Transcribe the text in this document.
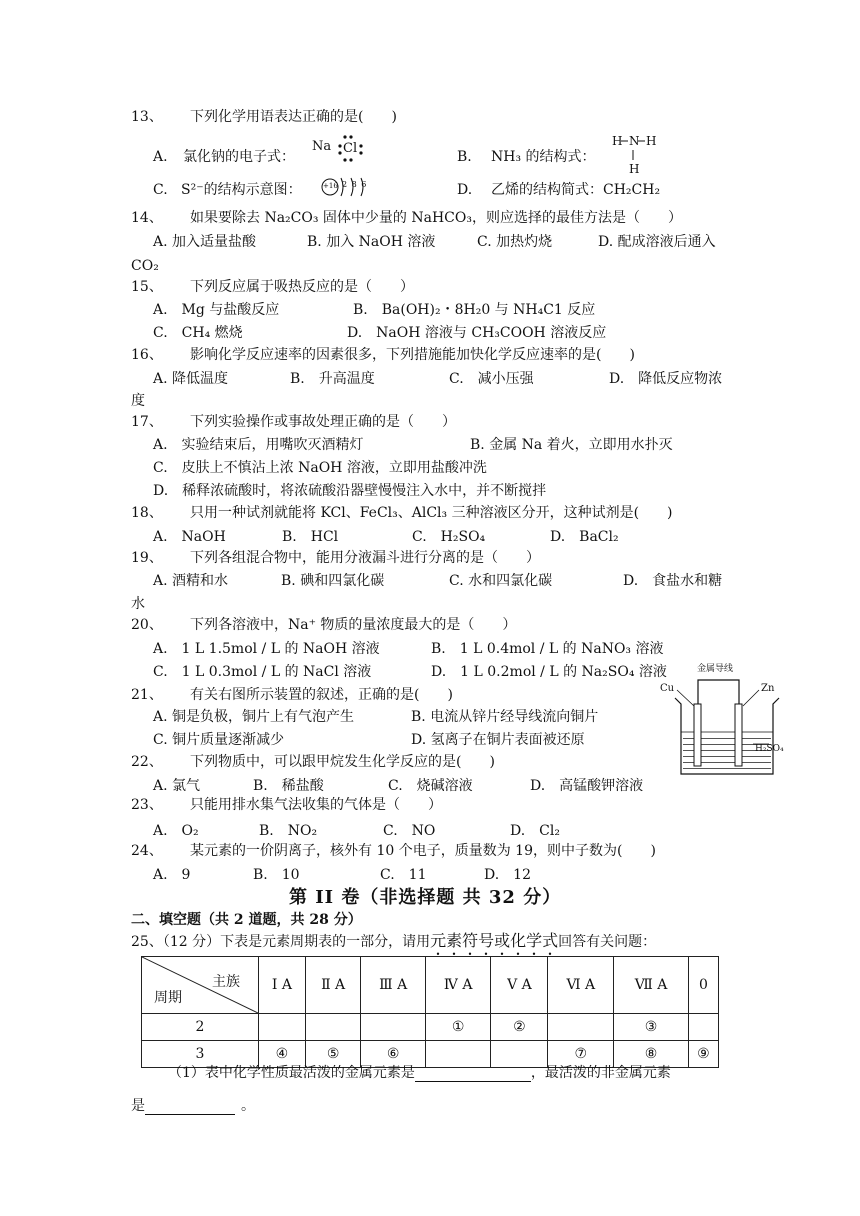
13、 下列化学用语表达正确的是(　　)
A. 氯化钠的电子式：
Na Cl
B. NH₃ 的结构式：
H N H
H
C. S²⁻的结构示意图：	+16 2 8 6	D. 乙烯的结构简式：CH₂CH₂
14、 如果要除去 Na₂CO₃ 固体中少量的 NaHCO₃，则应选择的最佳方法是（　　）
A. 加入适量盐酸	B. 加入 NaOH 溶液	C. 加热灼烧	D. 配成溶液后通入
CO₂
15、 下列反应属于吸热反应的是（　　）
A.　Mg 与盐酸反应	B.　Ba(OH)₂・8H₂0 与 NH₄C1 反应
C.　CH₄ 燃烧	D.　NaOH 溶液与 CH₃COOH 溶液反应
16、 影响化学反应速率的因素很多，下列措施能加快化学反应速率的是(　　)
A. 降低温度	B.　升高温度	C.　减小压强	D.　降低反应物浓
度
17、 下列实验操作或事故处理正确的是（　　）
A.　实验结束后，用嘴吹灭酒精灯	B. 金属 Na 着火，立即用水扑灭
C.　皮肤上不慎沾上浓 NaOH 溶液，立即用盐酸冲洗
D.　稀释浓硫酸时，将浓硫酸沿器壁慢慢注入水中，并不断搅拌
18、 只用一种试剂就能将 KCl、FeCl₃、AlCl₃ 三种溶液区分开，这种试剂是(　　)
A.　NaOH	B.　HCl	C.　H₂SO₄	D.　BaCl₂
19、 下列各组混合物中，能用分液漏斗进行分离的是（　　）
A. 酒精和水	B. 碘和四氯化碳	C. 水和四氯化碳	D.　食盐水和糖
水
20、 下列各溶液中，Na⁺ 物质的量浓度最大的是（　　）
A.　1 L 1.5mol / L 的 NaOH 溶液	B.　1 L 0.4mol / L 的 NaNO₃ 溶液
C.　1 L 0.3mol / L 的 NaCl 溶液	D.　1 L 0.2mol / L 的 Na₂SO₄ 溶液
21、 有关右图所示装置的叙述，正确的是(　　)
A. 铜是负极，铜片上有气泡产生	B. 电流从锌片经导线流向铜片
C. 铜片质量逐渐减少	D. 氢离子在铜片表面被还原
金属导线
Cu	Zn
H₂SO₄
22、 下列物质中，可以跟甲烷发生化学反应的是(　　)
A. 氯气	B.　稀盐酸	C.　烧碱溶液	D.　高锰酸钾溶液
23、 只能用排水集气法收集的气体是（　　）
A.　O₂	B.　NO₂	C.　NO	D.　Cl₂
24、 某元素的一价阴离子，核外有 10 个电子，质量数为 19，则中子数为(　　)
A.　9	B.　10	C.　11	D.　12
第 II 卷（非选择题 共 32 分）
二、填空题（共 2 道题，共 28 分）
25、（12 分）下表是元素周期表的一部分，请用元素符号或化学式回答有关问题：
主族
周期	Ⅰ A	Ⅱ A	Ⅲ A	Ⅳ A	Ⅴ A	Ⅵ A	Ⅶ A	0
2				①	②		③	
3	④	⑤	⑥			⑦	⑧	⑨
（1）表中化学性质最活泼的金属元素是	，最活泼的非金属元素
是	。
